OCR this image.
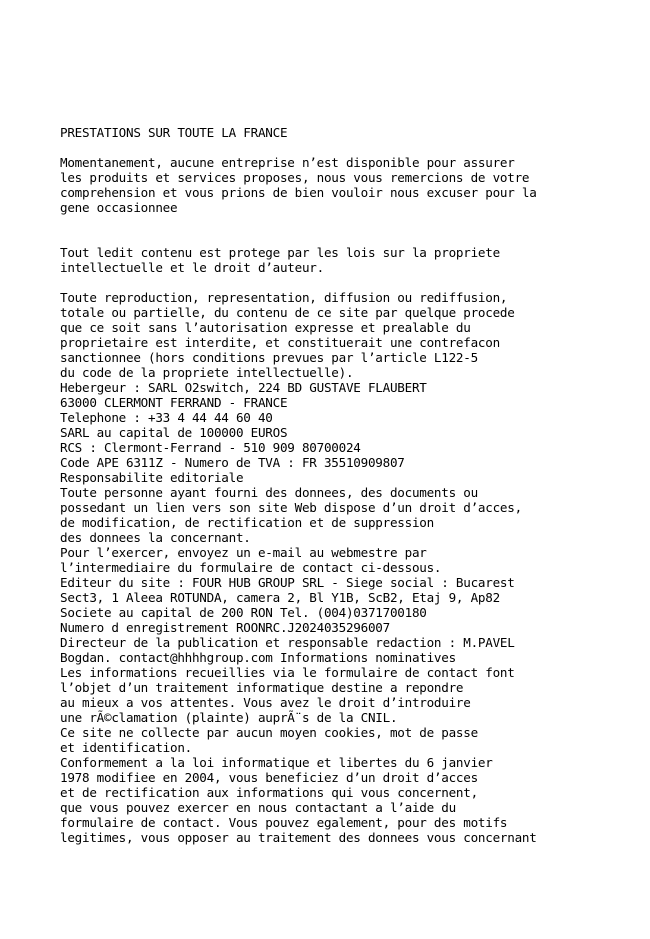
PRESTATIONS SUR TOUTE LA FRANCE
Momentanement, aucune entreprise n’est disponible pour assurer
les produits et services proposes, nous vous remercions de votre
comprehension et vous prions de bien vouloir nous excuser pour la
gene occasionnee
Tout ledit contenu est protege par les lois sur la propriete
intellectuelle et le droit d’auteur.
Toute reproduction, representation, diffusion ou rediffusion,
totale ou partielle, du contenu de ce site par quelque procede
que ce soit sans l’autorisation expresse et prealable du
proprietaire est interdite, et constituerait une contrefacon
sanctionnee (hors conditions prevues par l’article L122-5
du code de la propriete intellectuelle).
Hebergeur : SARL O2switch, 224 BD GUSTAVE FLAUBERT
63000 CLERMONT FERRAND - FRANCE
Telephone : +33 4 44 44 60 40
SARL au capital de 100000 EUROS
RCS : Clermont-Ferrand - 510 909 80700024
Code APE 6311Z - Numero de TVA : FR 35510909807
Responsabilite editoriale
Toute personne ayant fourni des donnees, des documents ou
possedant un lien vers son site Web dispose d’un droit d’acces,
de modification, de rectification et de suppression
des donnees la concernant.
Pour l’exercer, envoyez un e-mail au webmestre par
l’intermediaire du formulaire de contact ci-dessous.
Editeur du site : FOUR HUB GROUP SRL - Siege social : Bucarest
Sect3, 1 Aleea ROTUNDA, camera 2, Bl Y1B, ScB2, Etaj 9, Ap82
Societe au capital de 200 RON Tel. (004)0371700180
Numero d enregistrement ROONRC.J2024035296007
Directeur de la publication et responsable redaction : M.PAVEL
Bogdan. contact@hhhhgroup.com Informations nominatives
Les informations recueillies via le formulaire de contact font
l’objet d’un traitement informatique destine a repondre
au mieux a vos attentes. Vous avez le droit d’introduire
une rÃ©clamation (plainte) auprÃ¨s de la CNIL.
Ce site ne collecte par aucun moyen cookies, mot de passe
et identification.
Conformement a la loi informatique et libertes du 6 janvier
1978 modifiee en 2004, vous beneficiez d’un droit d’acces
et de rectification aux informations qui vous concernent,
que vous pouvez exercer en nous contactant a l’aide du
formulaire de contact. Vous pouvez egalement, pour des motifs
legitimes, vous opposer au traitement des donnees vous concernant
